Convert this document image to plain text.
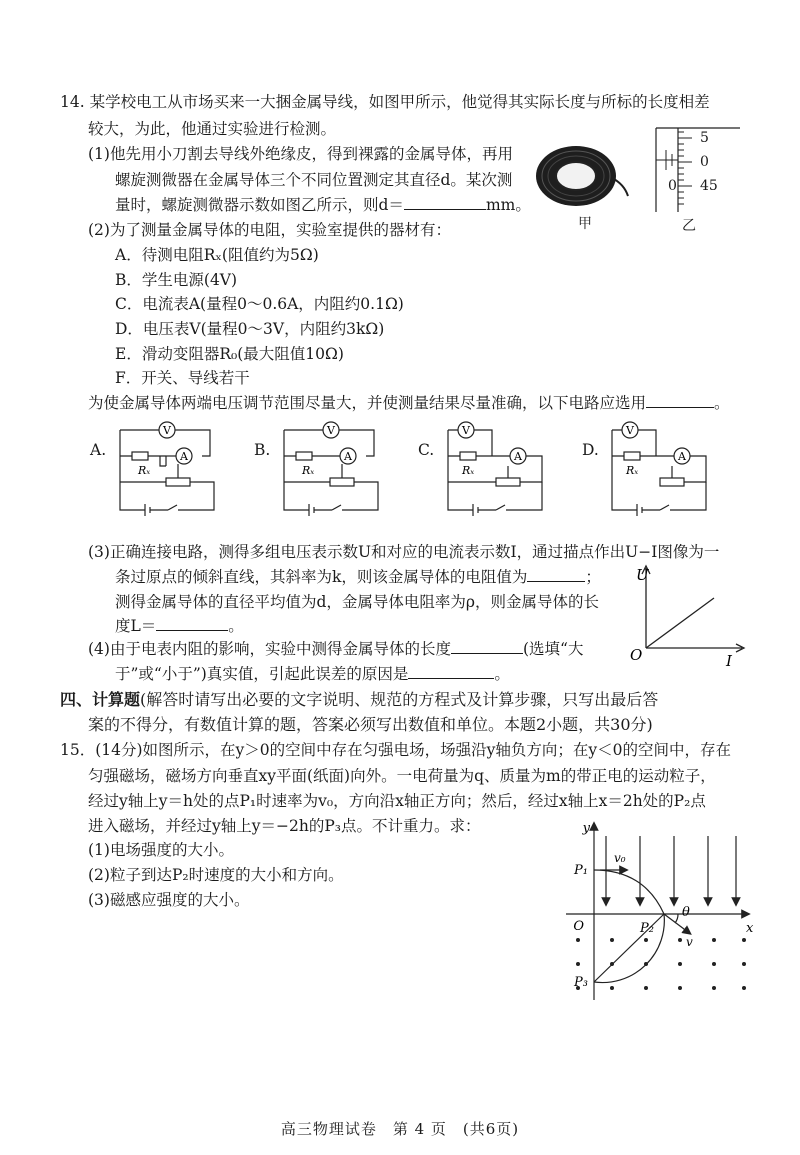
14. 某学校电工从市场买来一大捆金属导线，如图甲所示，他觉得其实际长度与所标的长度相差
较大，为此，他通过实验进行检测。
(1)他先用小刀割去导线外绝缘皮，得到裸露的金属导体，再用
螺旋测微器在金属导体三个不同位置测定其直径d。某次测
量时，螺旋测微器示数如图乙所示，则d＝	mm。
(2)为了测量金属导体的电阻，实验室提供的器材有：
A．待测电阻Rₓ(阻值约为5Ω)
B．学生电源(4V)
C．电流表A(量程0～0.6A，内阻约0.1Ω)
D．电压表V(量程0～3V，内阻约3kΩ)
E．滑动变阻器R₀(最大阻值10Ω)
F．开关、导线若干
为使金属导体两端电压调节范围尽量大，并使测量结果尽量准确，以下电路应选用	。
甲
5
0
45
0
乙
A.	B.	C.	D.
V
A
Rₓ
V
A
Rₓ
V
A
Rₓ
V
A
Rₓ
(3)正确连接电路，测得多组电压表示数U和对应的电流表示数I，通过描点作出U−I图像为一
条过原点的倾斜直线，其斜率为k，则该金属导体的电阻值为	；
测得金属导体的直径平均值为d，金属导体电阻率为ρ，则金属导体的长
度L＝	。
U
I
O
(4)由于电表内阻的影响，实验中测得金属导体的长度	(选填“大
于”或“小于”)真实值，引起此误差的原因是	。
四、计算题(解答时请写出必要的文字说明、规范的方程式及计算步骤，只写出最后答
案的不得分，有数值计算的题，答案必须写出数值和单位。本题2小题，共30分)
15．(14分)如图所示，在y＞0的空间中存在匀强电场，场强沿y轴负方向；在y＜0的空间中，存在
匀强磁场，磁场方向垂直xy平面(纸面)向外。一电荷量为q、质量为m的带正电的运动粒子，
经过y轴上y＝h处的点P₁时速率为v₀，方向沿x轴正方向；然后，经过x轴上x＝2h处的P₂点
进入磁场，并经过y轴上y＝−2h的P₃点。不计重力。求：
(1)电场强度的大小。
(2)粒子到达P₂时速度的大小和方向。
(3)磁感应强度的大小。
y
x
O
P₁
P₂
P₃
v₀
v
θ
高三物理试卷　第 4 页　(共6页)
